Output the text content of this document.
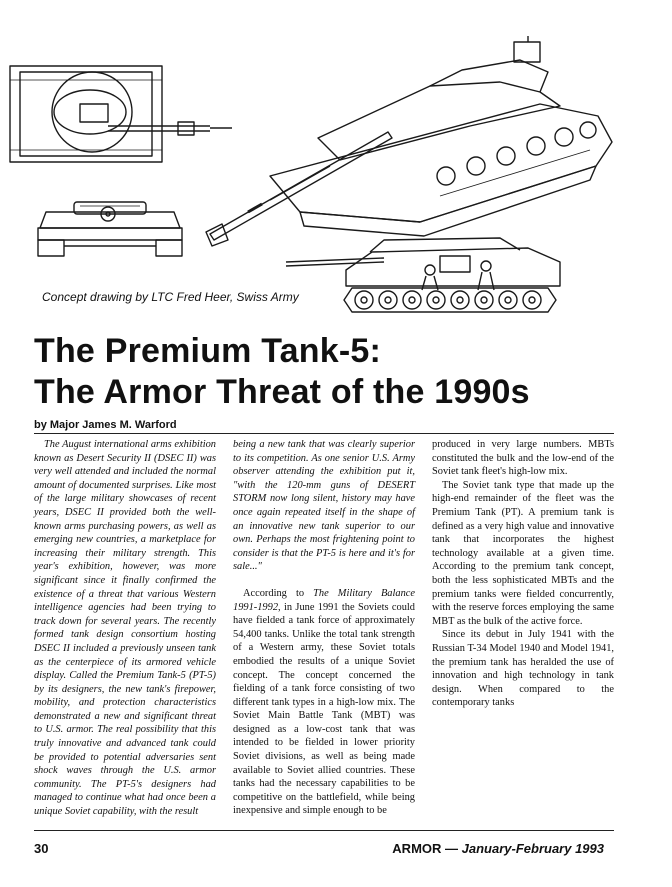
Concept drawing by LTC Fred Heer, Swiss Army
The Premium Tank-5:
The Armor Threat of the 1990s
by Major James M. Warford

The August international arms exhibition known as Desert Security II (DSEC II) was very well attended and included the normal amount of documented surprises. Like most of the large military showcases of recent years, DSEC II provided both the well-known arms purchasing powers, as well as emerging new countries, a marketplace for increasing their military strength. This year's exhibition, however, was more significant since it finally confirmed the existence of a threat that various Western intelligence agencies had been trying to track down for several years. The recently formed tank design consortium hosting DSEC II included a previously unseen tank as the centerpiece of its armored vehicle display. Called the Premium Tank-5 (PT-5) by its designers, the new tank's firepower, mobility, and protection characteristics demonstrated a new and significant threat to U.S. armor. The real possibility that this truly innovative and advanced tank could be provided to potential adversaries sent shock waves through the U.S. armor community. The PT-5's designers had managed to continue what had once been a unique Soviet capability, with the result

being a new tank that was clearly superior to its competition. As one senior U.S. Army observer attending the exhibition put it, "with the 120-mm guns of DESERT STORM now long silent, history may have once again repeated itself in the shape of an innovative new tank superior to our own. Perhaps the most frightening point to consider is that the PT-5 is here and it's for sale..."

According to The Military Balance 1991-1992, in June 1991 the Soviets could have fielded a tank force of approximately 54,400 tanks. Unlike the total tank strength of a Western army, these Soviet totals embodied the results of a unique Soviet concept. The concept concerned the fielding of a tank force consisting of two different tank types in a high-low mix. The Soviet Main Battle Tank (MBT) was designed as a low-cost tank that was intended to be fielded in lower priority Soviet divisions, as well as being made available to Soviet allied countries. These tanks had the necessary capabilities to be competitive on the battlefield, while being inexpensive and simple enough to be

produced in very large numbers. MBTs constituted the bulk and the low-end of the Soviet tank fleet's high-low mix.

The Soviet tank type that made up the high-end remainder of the fleet was the Premium Tank (PT). A premium tank is defined as a very high value and innovative tank that incorporates the highest technology available at a given time. According to the premium tank concept, both the less sophisticated MBTs and the premium tanks were fielded concurrently, with the reserve forces employing the same MBT as the bulk of the active force.

Since its debut in July 1941 with the Russian T-34 Model 1940 and Model 1941, the premium tank has heralded the use of innovation and high technology in tank design. When compared to the contemporary tanks

30	ARMOR — January-February 1993
